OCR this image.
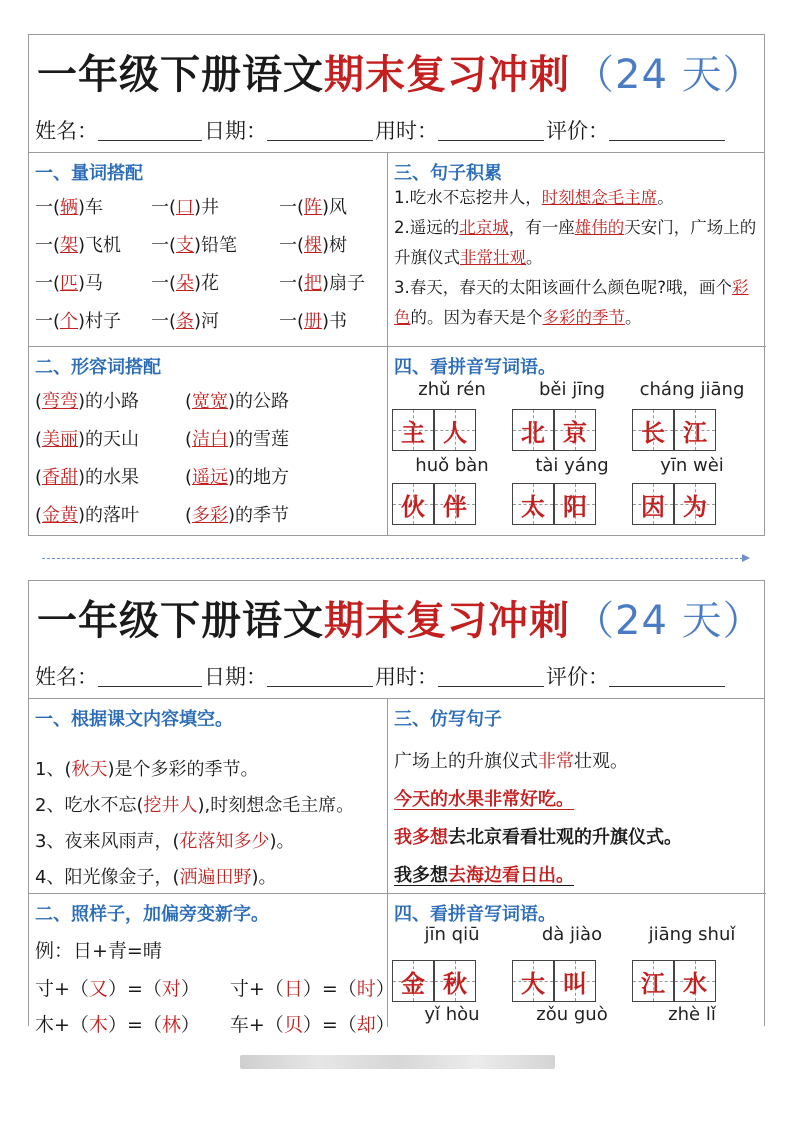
一年级下册语文 期末复习冲刺 （24 天）
姓名：	日期：	用时：	评价：
一、量词搭配
一(辆)车	一(口)井	一(阵)风
一(架)飞机 一(支)铅笔 一(棵)树
一(匹)马	一(朵)花	一(把)扇子
一(个)村子 一(条)河	一(册)书
二、形容词搭配
(弯弯)的小路	(宽宽)的公路
(美丽)的天山	(洁白)的雪莲
(香甜)的水果	(遥远)的地方
(金黄)的落叶	(多彩)的季节
三、句子积累
1.吃水不忘挖井人，时刻想念毛主席。
2.遥远的北京城，有一座雄伟的天安门，广场上的升旗仪式非常壮观。
3.春天，春天的太阳该画什么颜色呢?哦，画个彩色的。因为春天是个多彩的季节。
四、看拼音写词语。
zhǔ rén	běi jīng	cháng jiāng
主 人 北 京 长 江
huǒ bàn	tài yáng	yīn wèi
伙 伴 太 阳 因 为
一年级下册语文 期末复习冲刺 （24 天）
姓名：	日期：	用时：	评价：
一、根据课文内容填空。
1、(秋天)是个多彩的季节。
2、吃水不忘(挖井人),时刻想念毛主席。
3、夜来风雨声，(花落知多少)。
4、阳光像金子，(洒遍田野)。
二、照样子，加偏旁变新字。
例：日+青=晴
寸+（又）=（对） 寸+（日）=（时）
木+（木）=（林） 车+（贝）=（却）
三、仿写句子
广场上的升旗仪式非常壮观。
今天的水果非常好吃。
我多想去北京看看壮观的升旗仪式。
我多想去海边看日出。
四、看拼音写词语。
jīn qiū	dà jiào	jiāng shuǐ
金 秋 大 叫 江 水
yǐ hòu	zǒu guò	zhè lǐ
